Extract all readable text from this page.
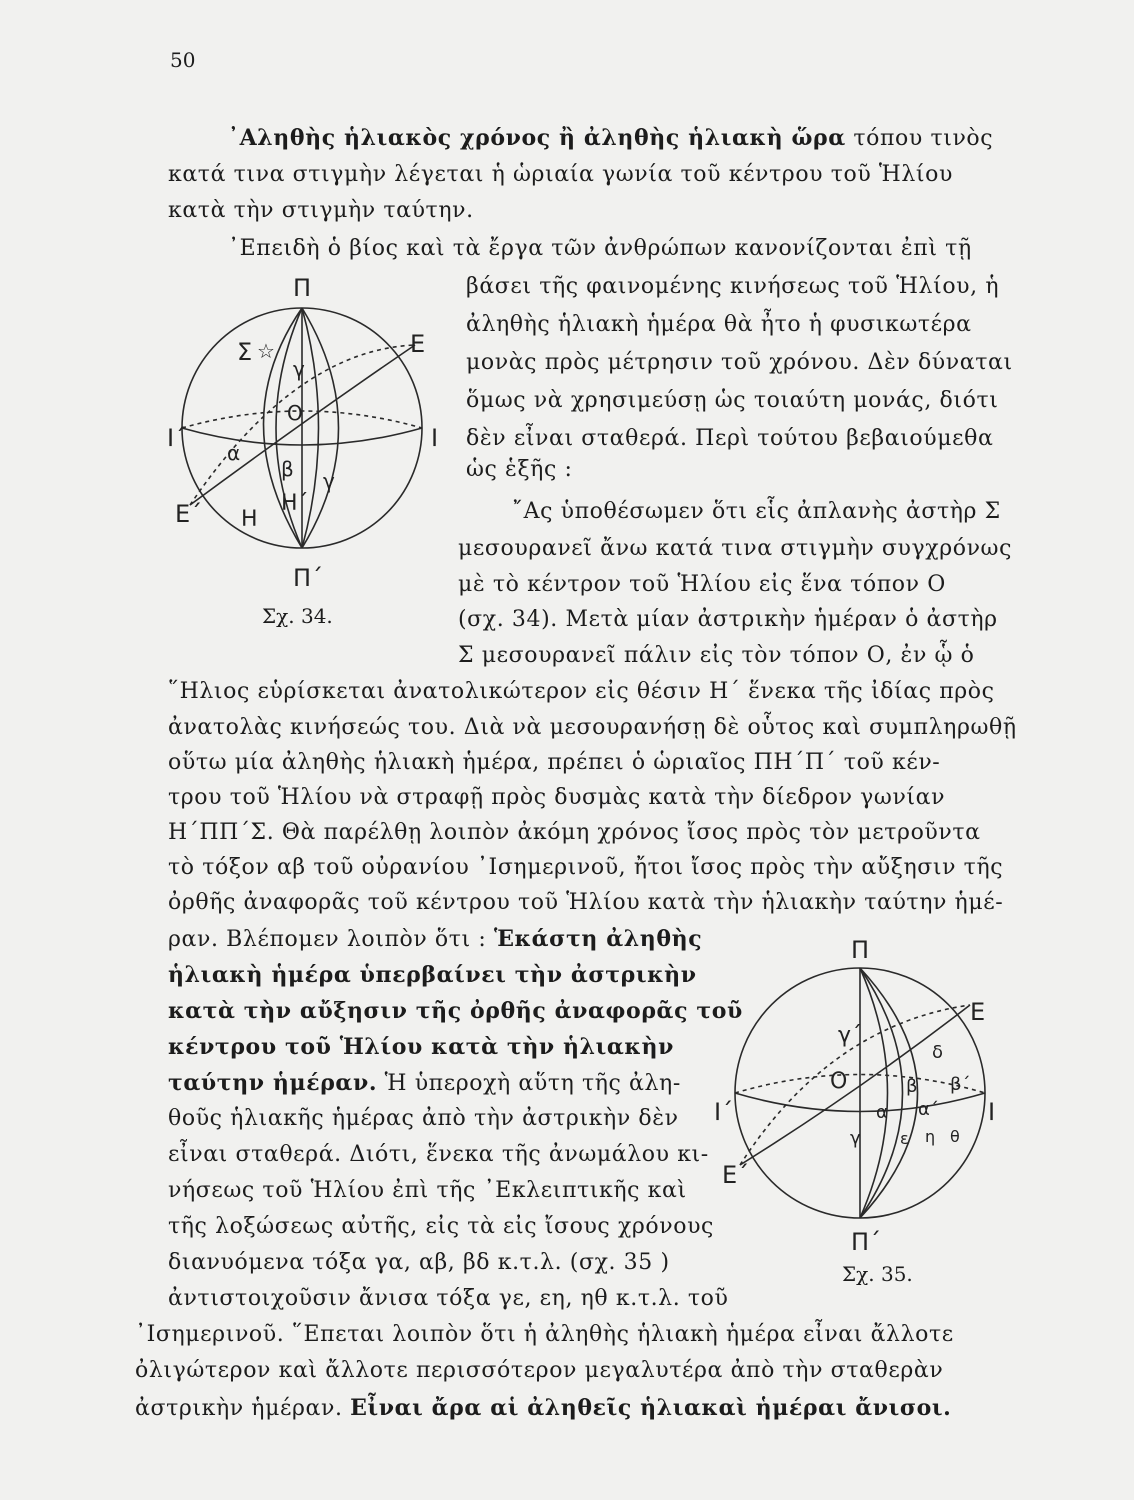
50
᾿Αληθὴς ἡλιακὸς χρόνος ἢ ἀληθὴς ἡλιακὴ ὥρα τόπου τινὸς
κατά τινα στιγμὴν λέγεται ἡ ὡριαία γωνία τοῦ κέντρου τοῦ Ἡλίου
κατὰ τὴν στιγμὴν ταύτην.
᾿Επειδὴ ὁ βίος καὶ τὰ ἔργα τῶν ἀνθρώπων κανονίζονται ἐπὶ τῇ
βάσει τῆς φαινομένης κινήσεως τοῦ Ἡλίου, ἡ
ἀληθὴς ἡλιακὴ ἡμέρα θὰ ἦτο ἡ φυσικωτέρα
μονὰς πρὸς μέτρησιν τοῦ χρόνου. Δὲν δύναται
ὅμως νὰ χρησιμεύσῃ ὡς τοιαύτη μονάς, διότι
δὲν εἶναι σταθερά. Περὶ τούτου βεβαιούμεθα
ὡς ἑξῆς :
῎Ας ὑποθέσωμεν ὅτι εἷς ἀπλανὴς ἀστὴρ Σ
μεσουρανεῖ ἄνω κατά τινα στιγμὴν συγχρόνως
μὲ τὸ κέντρον τοῦ Ἡλίου εἰς ἕνα τόπον Ο
(σχ. 34). Μετὰ μίαν ἀστρικὴν ἡμέραν ὁ ἀστὴρ
Σ μεσουρανεῖ πάλιν εἰς τὸν τόπον Ο, ἐν ᾧ ὁ
῞Ηλιος εὑρίσκεται ἀνατολικώτερον εἰς θέσιν Η΄ ἕνεκα τῆς ἰδίας πρὸς
ἀνατολὰς κινήσεώς του. Διὰ νὰ μεσουρανήσῃ δὲ οὗτος καὶ συμπληρωθῇ
οὕτω μία ἀληθὴς ἡλιακὴ ἡμέρα, πρέπει ὁ ὡριαῖος ΠΗ΄Π΄ τοῦ κέν-
τρου τοῦ Ἡλίου νὰ στραφῇ πρὸς δυσμὰς κατὰ τὴν δίεδρον γωνίαν
Η΄ΠΠ΄Σ. Θὰ παρέλθῃ λοιπὸν ἀκόμη χρόνος ἴσος πρὸς τὸν μετροῦντα
τὸ τόξον αβ τοῦ οὐρανίου ᾿Ισημερινοῦ, ἤτοι ἴσος πρὸς τὴν αὔξησιν τῆς
ὀρθῆς ἀναφορᾶς τοῦ κέντρου τοῦ Ἡλίου κατὰ τὴν ἡλιακὴν ταύτην ἡμέ-
ραν. Βλέπομεν λοιπὸν ὅτι : Ἑκάστη ἀληθὴς
ἡλιακὴ ἡμέρα ὑπερβαίνει τὴν ἀστρικὴν
κατὰ τὴν αὔξησιν τῆς ὀρθῆς ἀναφορᾶς τοῦ
κέντρου τοῦ Ἡλίου κατὰ τὴν ἡλιακὴν
ταύτην ἡμέραν. Ἡ ὑπεροχὴ αὕτη τῆς ἀλη-
θοῦς ἡλιακῆς ἡμέρας ἀπὸ τὴν ἀστρικὴν δὲν
εἶναι σταθερά. Διότι, ἕνεκα τῆς ἀνωμάλου κι-
νήσεως τοῦ Ἡλίου ἐπὶ τῆς ᾿Εκλειπτικῆς καὶ
τῆς λοξώσεως αὐτῆς, εἰς τὰ εἰς ἴσους χρόνους
διανυόμενα τόξα γα, αβ, βδ κ.τ.λ. (σχ. 35 )
ἀντιστοιχοῦσιν ἄνισα τόξα γε, εη, ηθ κ.τ.λ. τοῦ
᾿Ισημερινοῦ. ῞Επεται λοιπὸν ὅτι ἡ ἀληθὴς ἡλιακὴ ἡμέρα εἶναι ἄλλοτε
ὀλιγώτερον καὶ ἄλλοτε περισσότερον μεγαλυτέρα ἀπὸ τὴν σταθερὰν
ἀστρικὴν ἡμέραν. Εἶναι ἄρα αἱ ἀληθεῖς ἡλιακαὶ ἡμέραι ἄνισοι.
Π
Π΄
Ε
Ε΄
Ι
Ι΄
Σ ☆
γ
Ο
α
β γ
Η
Η΄
Σχ. 34.
Π
Π΄
Ε
Ε΄
Ι
Ι΄
γ΄
δ
Ο	β β΄
α α΄
γ ε η θ
Σχ. 35.
